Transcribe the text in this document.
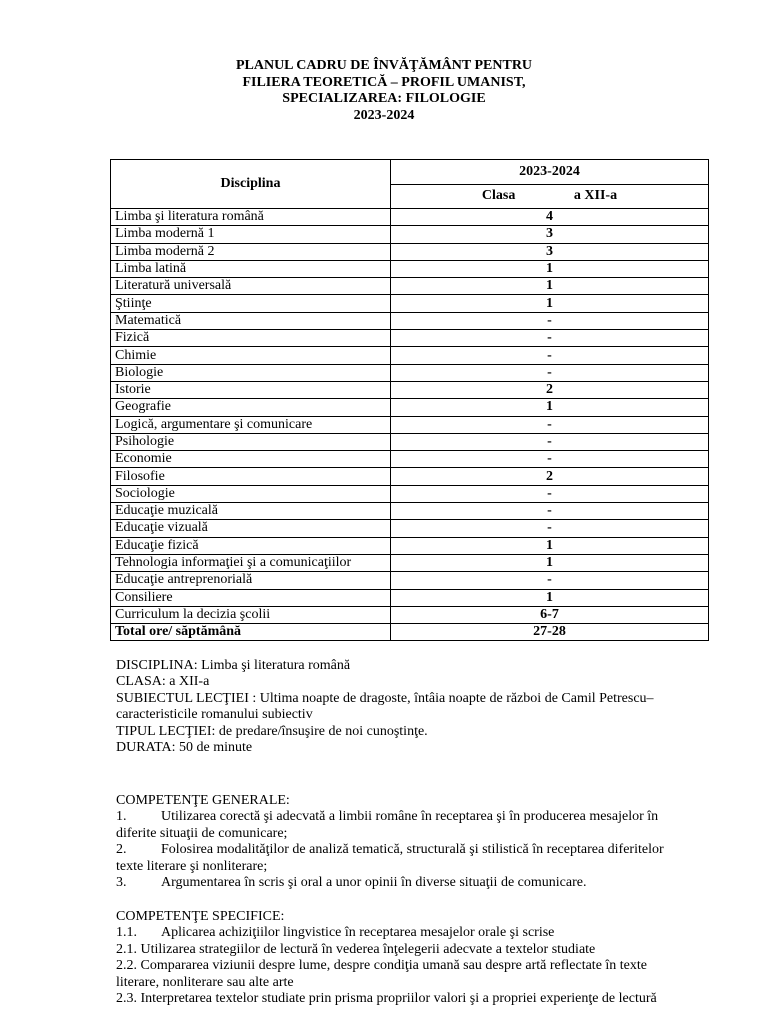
PLANUL CADRU DE ÎNVĂŢĂMÂNT PENTRU
FILIERA TEORETICĂ – PROFIL UMANIST,
SPECIALIZAREA: FILOLOGIE
2023-2024
Disciplina	2023-2024
	Clasa a XII-a
Limba şi literatura română	4
Limba modernă 1	3
Limba modernă 2	3
Limba latină	1
Literatură universală	1
Ştiinţe	1
Matematică	-
Fizică	-
Chimie	-
Biologie	-
Istorie	2
Geografie	1
Logică, argumentare şi comunicare	-
Psihologie	-
Economie	-
Filosofie	2
Sociologie	-
Educaţie muzicală	-
Educaţie vizuală	-
Educaţie fizică	1
Tehnologia informaţiei şi a comunicaţiilor	1
Educaţie antreprenorială	-
Consiliere	1
Curriculum la decizia şcolii	6-7
Total ore/ săptămână	27-28

DISCIPLINA: Limba şi literatura română

CLASA: a XII-a

SUBIECTUL LECŢIEI : Ultima noapte de dragoste, întâia noapte de război de Camil Petrescu–

caracteristicile romanului subiectiv

TIPUL LECŢIEI: de predare/însuşire de noi cunoştinţe.

DURATA: 50 de minute

COMPETENŢE GENERALE:

1. Utilizarea corectă şi adecvată a limbii române în receptarea şi în producerea mesajelor în

diferite situaţii de comunicare;

2. Folosirea modalităţilor de analiză tematică, structurală şi stilistică în receptarea diferitelor

texte literare şi nonliterare;

3. Argumentarea în scris şi oral a unor opinii în diverse situaţii de comunicare.

COMPETENŢE SPECIFICE:

1.1. Aplicarea achiziţiilor lingvistice în receptarea mesajelor orale şi scrise

2.1. Utilizarea strategiilor de lectură în vederea înţelegerii adecvate a textelor studiate

2.2. Compararea viziunii despre lume, despre condiţia umană sau despre artă reflectate în texte

literare, nonliterare sau alte arte

2.3. Interpretarea textelor studiate prin prisma propriilor valori şi a propriei experienţe de lectură
